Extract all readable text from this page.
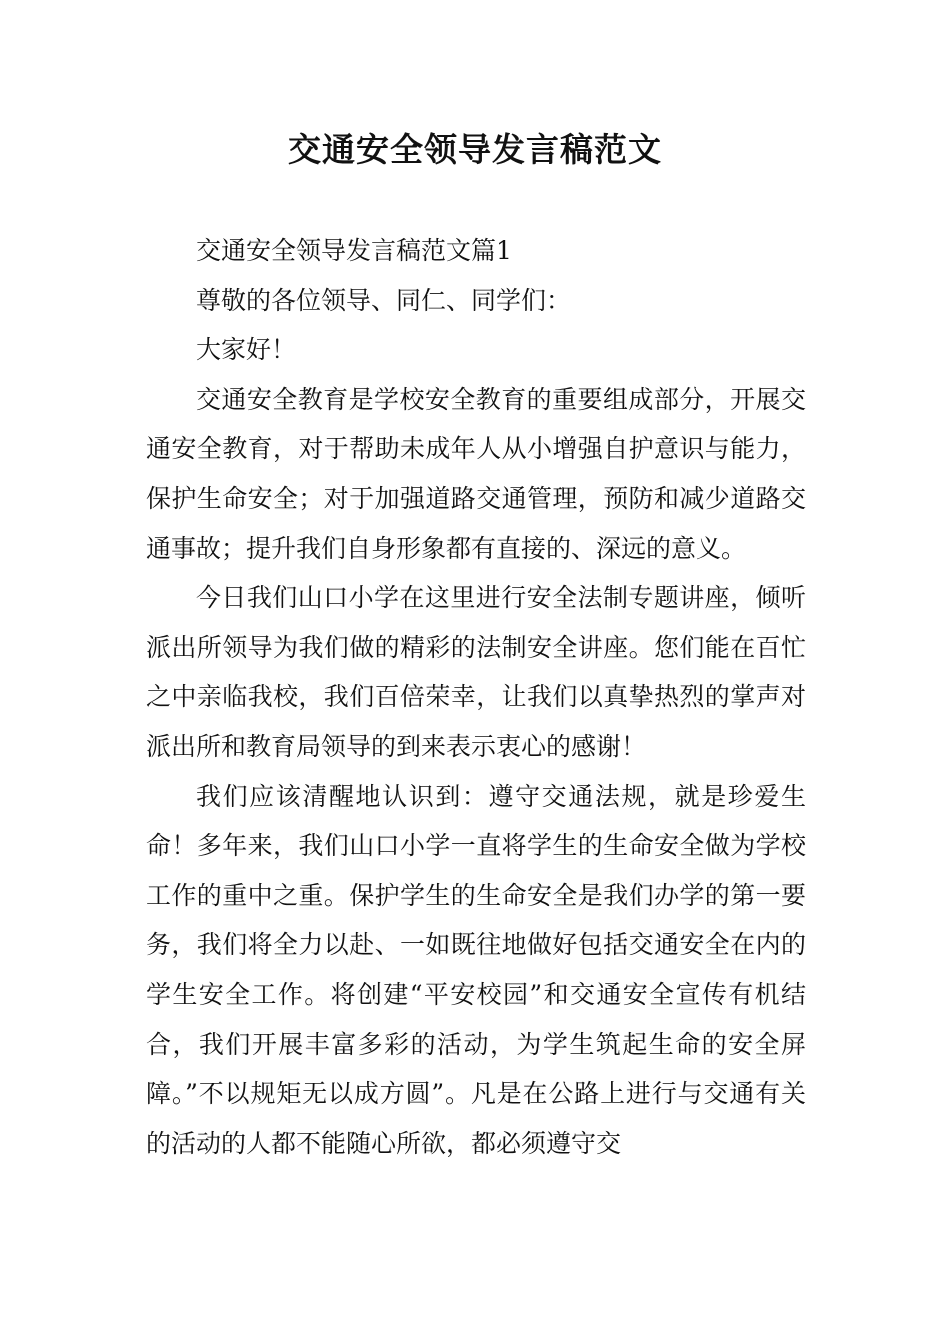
交通安全领导发言稿范文

交通安全领导发言稿范文篇1

尊敬的各位领导、同仁、同学们：

大家好！

交通安全教育是学校安全教育的重要组成部分，开展交通安全教育，对于帮助未成年人从小增强自护意识与能力，保护生命安全；对于加强道路交通管理，预防和减少道路交通事故；提升我们自身形象都有直接的、深远的意义。

今日我们山口小学在这里进行安全法制专题讲座，倾听派出所领导为我们做的精彩的法制安全讲座。您们能在百忙之中亲临我校，我们百倍荣幸，让我们以真挚热烈的掌声对派出所和教育局领导的到来表示衷心的感谢！

我们应该清醒地认识到：遵守交通法规，就是珍爱生命！多年来，我们山口小学一直将学生的生命安全做为学校工作的重中之重。保护学生的生命安全是我们办学的第一要务，我们将全力以赴、一如既往地做好包括交通安全在内的学生安全工作。将创建“平安校园”和交通安全宣传有机结合，我们开展丰富多彩的活动，为学生筑起生命的安全屏障。”不以规矩无以成方圆”。凡是在公路上进行与交通有关的活动的人都不能随心所欲，都必须遵守交
